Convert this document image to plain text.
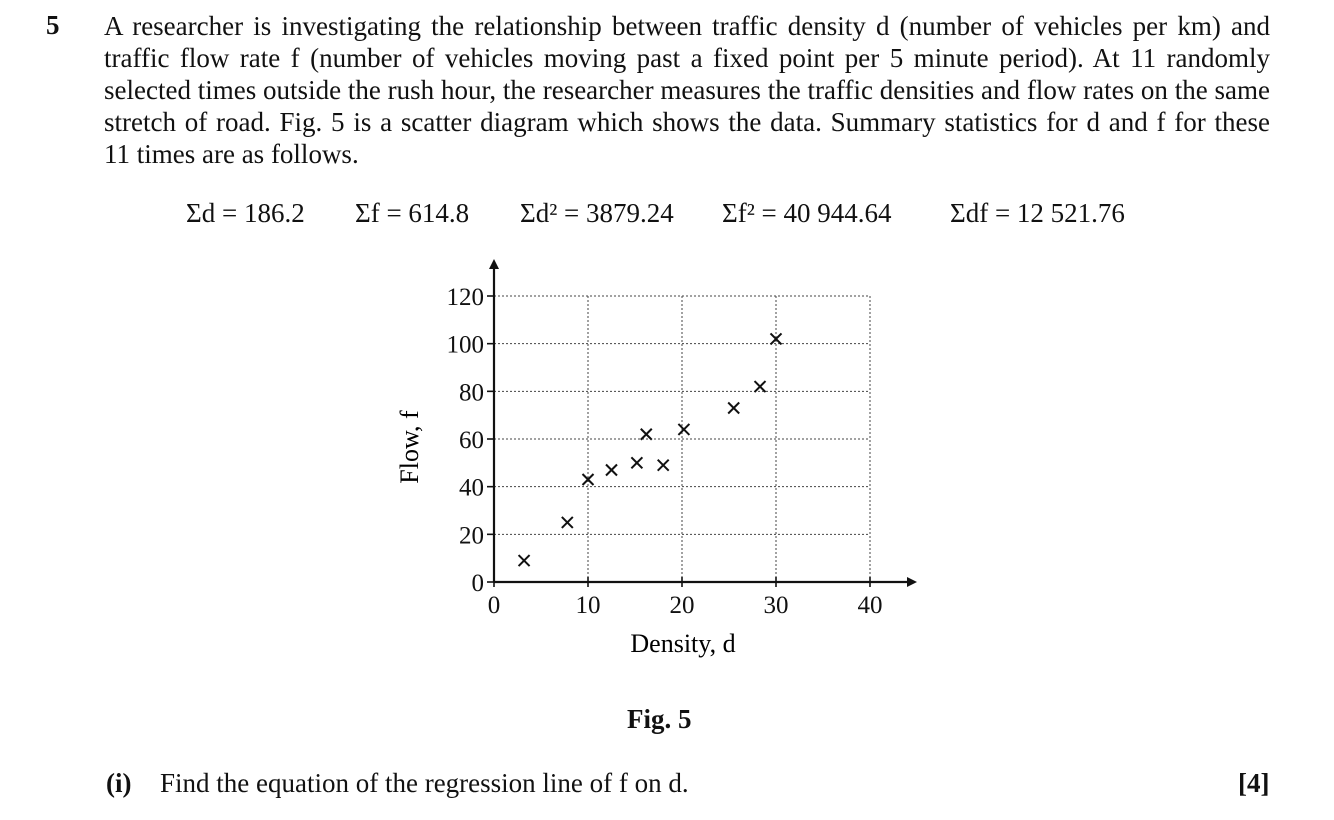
5 A researcher is investigating the relationship between traffic density d (number of vehicles per km) and
traffic flow rate f (number of vehicles moving past a fixed point per 5 minute period). At 11 randomly
selected times outside the rush hour, the researcher measures the traffic densities and flow rates on the same
stretch of road. Fig. 5 is a scatter diagram which shows the data. Summary statistics for d and f for these
11 times are as follows.
Σd = 186.2 Σf = 614.8 Σd² = 3879.24 Σf² = 40 944.64 Σdf = 12 521.76
0	10	20	30	40
0
20
40
60
80
100
120
Density, d
Flow, f
Fig. 5
(i) Find the equation of the regression line of f on d.	[4]
